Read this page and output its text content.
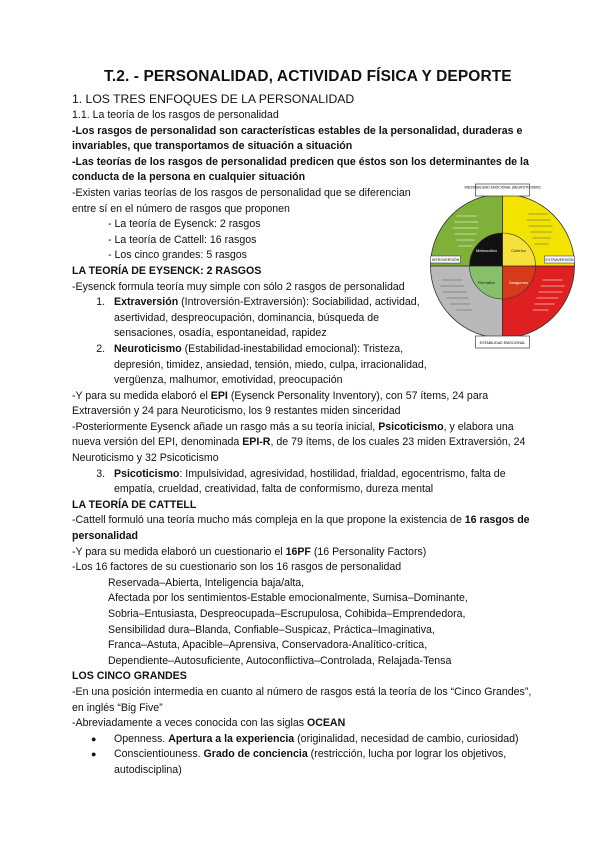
T.2. - PERSONALIDAD, ACTIVIDAD FÍSICA Y DEPORTE

1. LOS TRES ENFOQUES DE LA PERSONALIDAD

1.1. La teoría de los rasgos de personalidad

-Los rasgos de personalidad son características estables de la personalidad, duraderas e invariables, que transportamos de situación a situación

-Las teorías de los rasgos de personalidad predicen que éstos son los determinantes de la conducta de la persona en cualquier situación

-Existen varias teorías de los rasgos de personalidad que se diferencian entre sí en el número de rasgos que proponen

- La teoría de Eysenck: 2 rasgos

- La teoría de Cattell: 16 rasgos

- Los cinco grandes: 5 rasgos

LA TEORÍA DE EYSENCK: 2 RASGOS

-Eysenck formula teoría muy simple con sólo 2 rasgos de personalidad

1. Extraversión (Introversión-Extraversión): Sociabilidad, actividad, asertividad, despreocupación, dominancia, búsqueda de sensaciones, osadía, espontaneidad, rapidez
2. Neuroticismo (Estabilidad-inestabilidad emocional): Tristeza, depresión, timidez, ansiedad, tensión, miedo, culpa, irracionalidad, vergüenza, malhumor, emotividad, preocupación

-Y para su medida elaboró el EPI (Eysenck Personality Inventory), con 57 ítems, 24 para Extraversión y 24 para Neuroticismo, los 9 restantes miden sinceridad

-Posteriormente Eysenck añade un rasgo más a su teoría inicial, Psicoticismo, y elabora una nueva versión del EPI, denominada EPI-R, de 79 ítems, de los cuales 23 miden Extraversión, 24 Neuroticismo y 32 Psicoticismo

3. Psicoticismo: Impulsividad, agresividad, hostilidad, frialdad, egocentrismo, falta de empatía, crueldad, creatividad, falta de conformismo, dureza mental

LA TEORÍA DE CATTELL

-Cattell formuló una teoría mucho más compleja en la que propone la existencia de 16 rasgos de personalidad

-Y para su medida elaboró un cuestionario el 16PF (16 Personality Factors)

-Los 16 factores de su cuestionario son los 16 rasgos de personalidad

Reservada–Abierta, Inteligencia baja/alta,

Afectada por los sentimientos-Estable emocionalmente, Sumisa–Dominante,

Sobria–Entusiasta, Despreocupada–Escrupulosa, Cohibida–Emprendedora,

Sensibilidad dura–Blanda, Confiable–Suspicaz, Práctica–Imaginativa,

Franca–Astuta, Apacible–Aprensiva, Conservadora-Analítico-crítica,

Dependiente–Autosuficiente, Autoconflictiva–Controlada, Relajada-Tensa

LOS CINCO GRANDES

-En una posición intermedia en cuanto al número de rasgos está la teoría de los “Cinco Grandes”, en inglés “Big Five”

-Abreviadamente a veces conocida con las siglas OCEAN

● Openness. Apertura a la experiencia (originalidad, necesidad de cambio, curiosidad)
● Conscientiouness. Grado de conciencia (restricción, lucha por lograr los objetivos, autodisciplina)
INESTABILIDAD EMOCIONAL (NEUROTICISMO)
ESTABILIDAD EMOCIONAL
INTROVERSIÓN	EXTRAVERSIÓN
Melancólico	Colérico
Flemático	Sanguíneo
